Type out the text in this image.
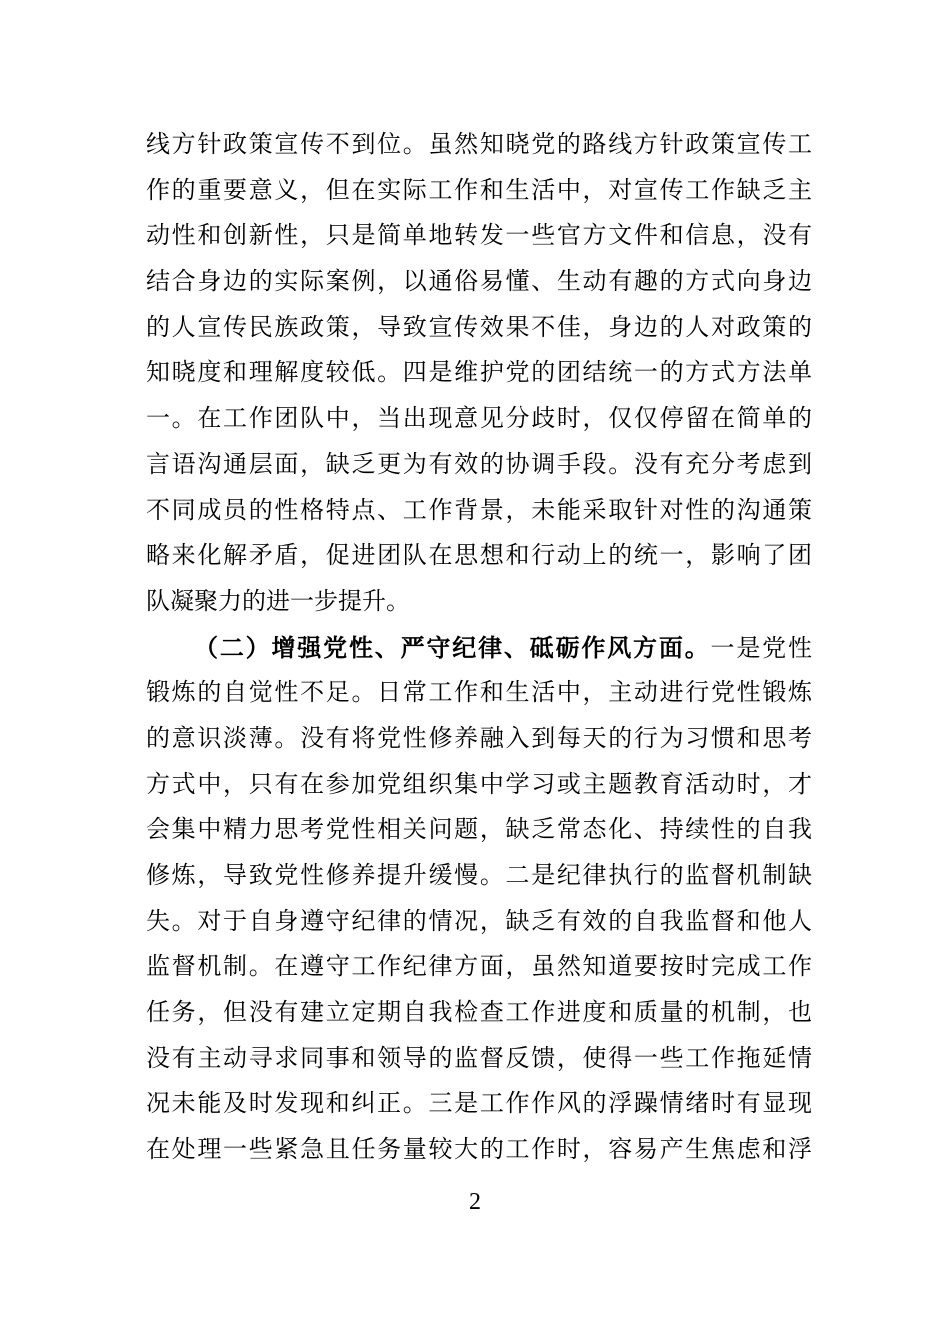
线方针政策宣传不到位。虽然知晓党的路线方针政策宣传工
作的重要意义，但在实际工作和生活中，对宣传工作缺乏主
动性和创新性，只是简单地转发一些官方文件和信息，没有
结合身边的实际案例，以通俗易懂、生动有趣的方式向身边
的人宣传民族政策，导致宣传效果不佳，身边的人对政策的
知晓度和理解度较低。四是维护党的团结统一的方式方法单
一。在工作团队中，当出现意见分歧时，仅仅停留在简单的
言语沟通层面，缺乏更为有效的协调手段。没有充分考虑到
不同成员的性格特点、工作背景，未能采取针对性的沟通策
略来化解矛盾，促进团队在思想和行动上的统一，影响了团
队凝聚力的进一步提升。
（二）增强党性、严守纪律、砥砺作风方面。一是党性
锻炼的自觉性不足。日常工作和生活中，主动进行党性锻炼
的意识淡薄。没有将党性修养融入到每天的行为习惯和思考
方式中，只有在参加党组织集中学习或主题教育活动时，才
会集中精力思考党性相关问题，缺乏常态化、持续性的自我
修炼，导致党性修养提升缓慢。二是纪律执行的监督机制缺
失。对于自身遵守纪律的情况，缺乏有效的自我监督和他人
监督机制。在遵守工作纪律方面，虽然知道要按时完成工作
任务，但没有建立定期自我检查工作进度和质量的机制，也
没有主动寻求同事和领导的监督反馈，使得一些工作拖延情
况未能及时发现和纠正。三是工作作风的浮躁情绪时有显现
在处理一些紧急且任务量较大的工作时，容易产生焦虑和浮
2
